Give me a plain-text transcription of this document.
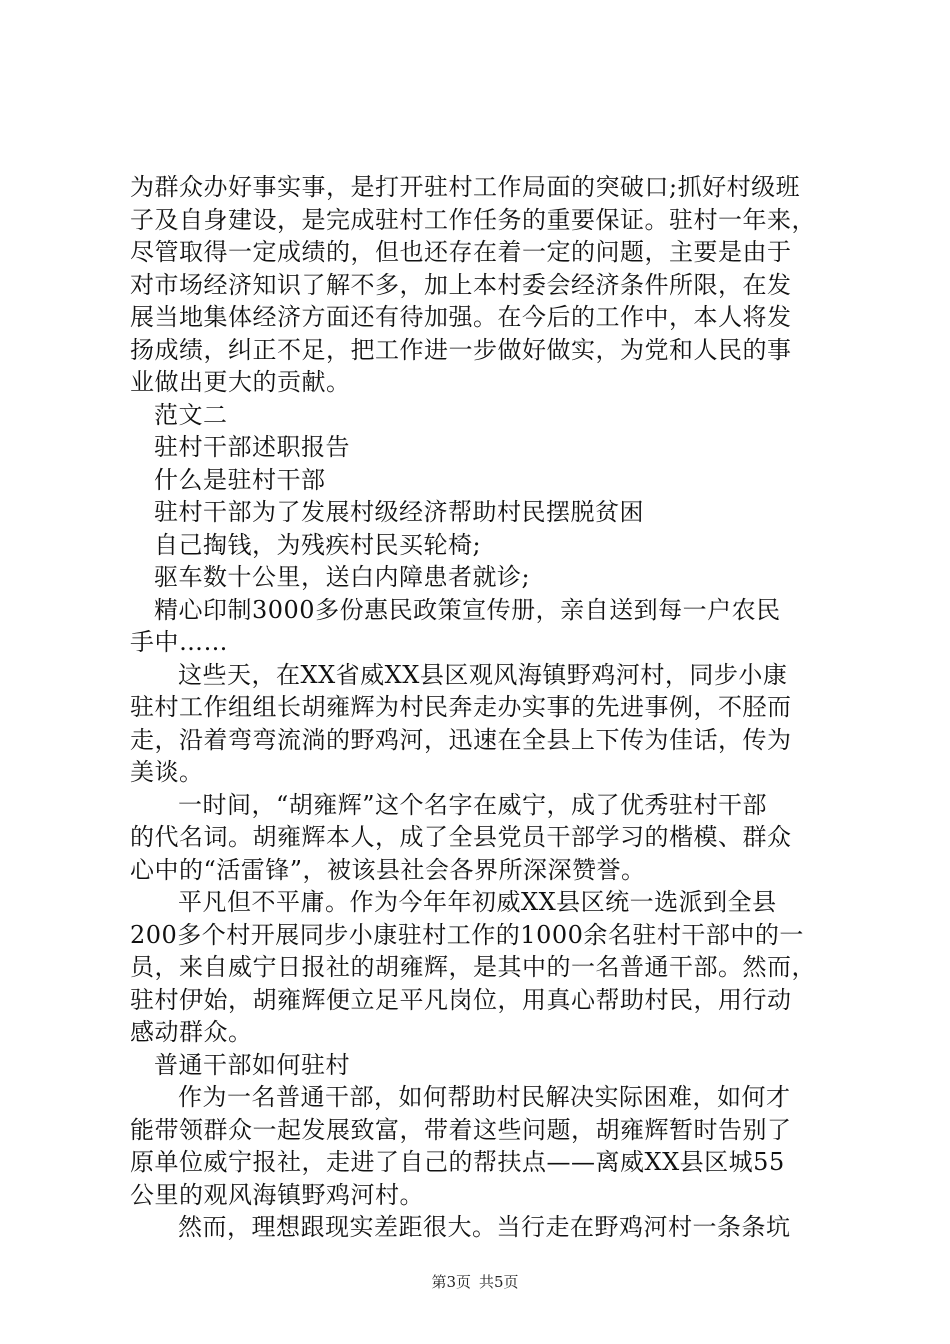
为群众办好事实事，是打开驻村工作局面的突破口;抓好村级班
子及自身建设，是完成驻村工作任务的重要保证。驻村一年来，
尽管取得一定成绩的，但也还存在着一定的问题，主要是由于
对市场经济知识了解不多，加上本村委会经济条件所限，在发
展当地集体经济方面还有待加强。在今后的工作中，本人将发
扬成绩，纠正不足，把工作进一步做好做实，为党和人民的事
业做出更大的贡献。
范文二
驻村干部述职报告
什么是驻村干部
驻村干部为了发展村级经济帮助村民摆脱贫困
自己掏钱，为残疾村民买轮椅;
驱车数十公里，送白内障患者就诊;
精心印制3000多份惠民政策宣传册，亲自送到每一户农民
手中……
这些天，在XX省威XX县区观风海镇野鸡河村，同步小康
驻村工作组组长胡雍辉为村民奔走办实事的先进事例，不胫而
走，沿着弯弯流淌的野鸡河，迅速在全县上下传为佳话，传为
美谈。
一时间，“胡雍辉”这个名字在威宁，成了优秀驻村干部
的代名词。胡雍辉本人，成了全县党员干部学习的楷模、群众
心中的“活雷锋”，被该县社会各界所深深赞誉。
平凡但不平庸。作为今年年初威XX县区统一选派到全县
200多个村开展同步小康驻村工作的1000余名驻村干部中的一
员，来自威宁日报社的胡雍辉，是其中的一名普通干部。然而，
驻村伊始，胡雍辉便立足平凡岗位，用真心帮助村民，用行动
感动群众。
普通干部如何驻村
作为一名普通干部，如何帮助村民解决实际困难，如何才
能带领群众一起发展致富，带着这些问题，胡雍辉暂时告别了
原单位威宁报社，走进了自己的帮扶点——离威XX县区城55
公里的观风海镇野鸡河村。
然而，理想跟现实差距很大。当行走在野鸡河村一条条坑
第3页 共5页
